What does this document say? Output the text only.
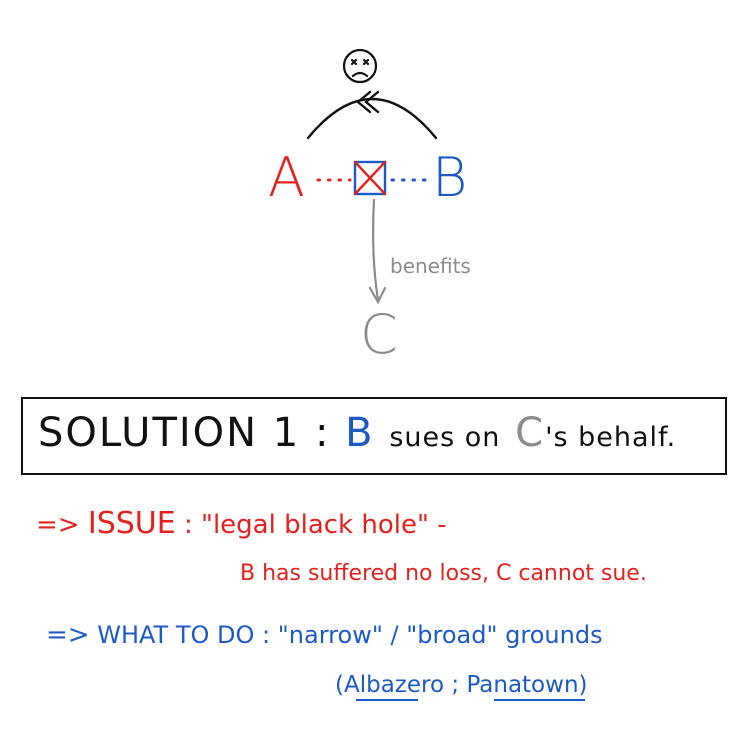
A B
C
benefits
SOLUTION 1 : B sues on C's behalf.
=> ISSUE : "legal black hole" -
B has suffered no loss, C cannot sue.
=> WHAT TO DO : "narrow" / "broad" grounds
(Albazero ; Panatown)
